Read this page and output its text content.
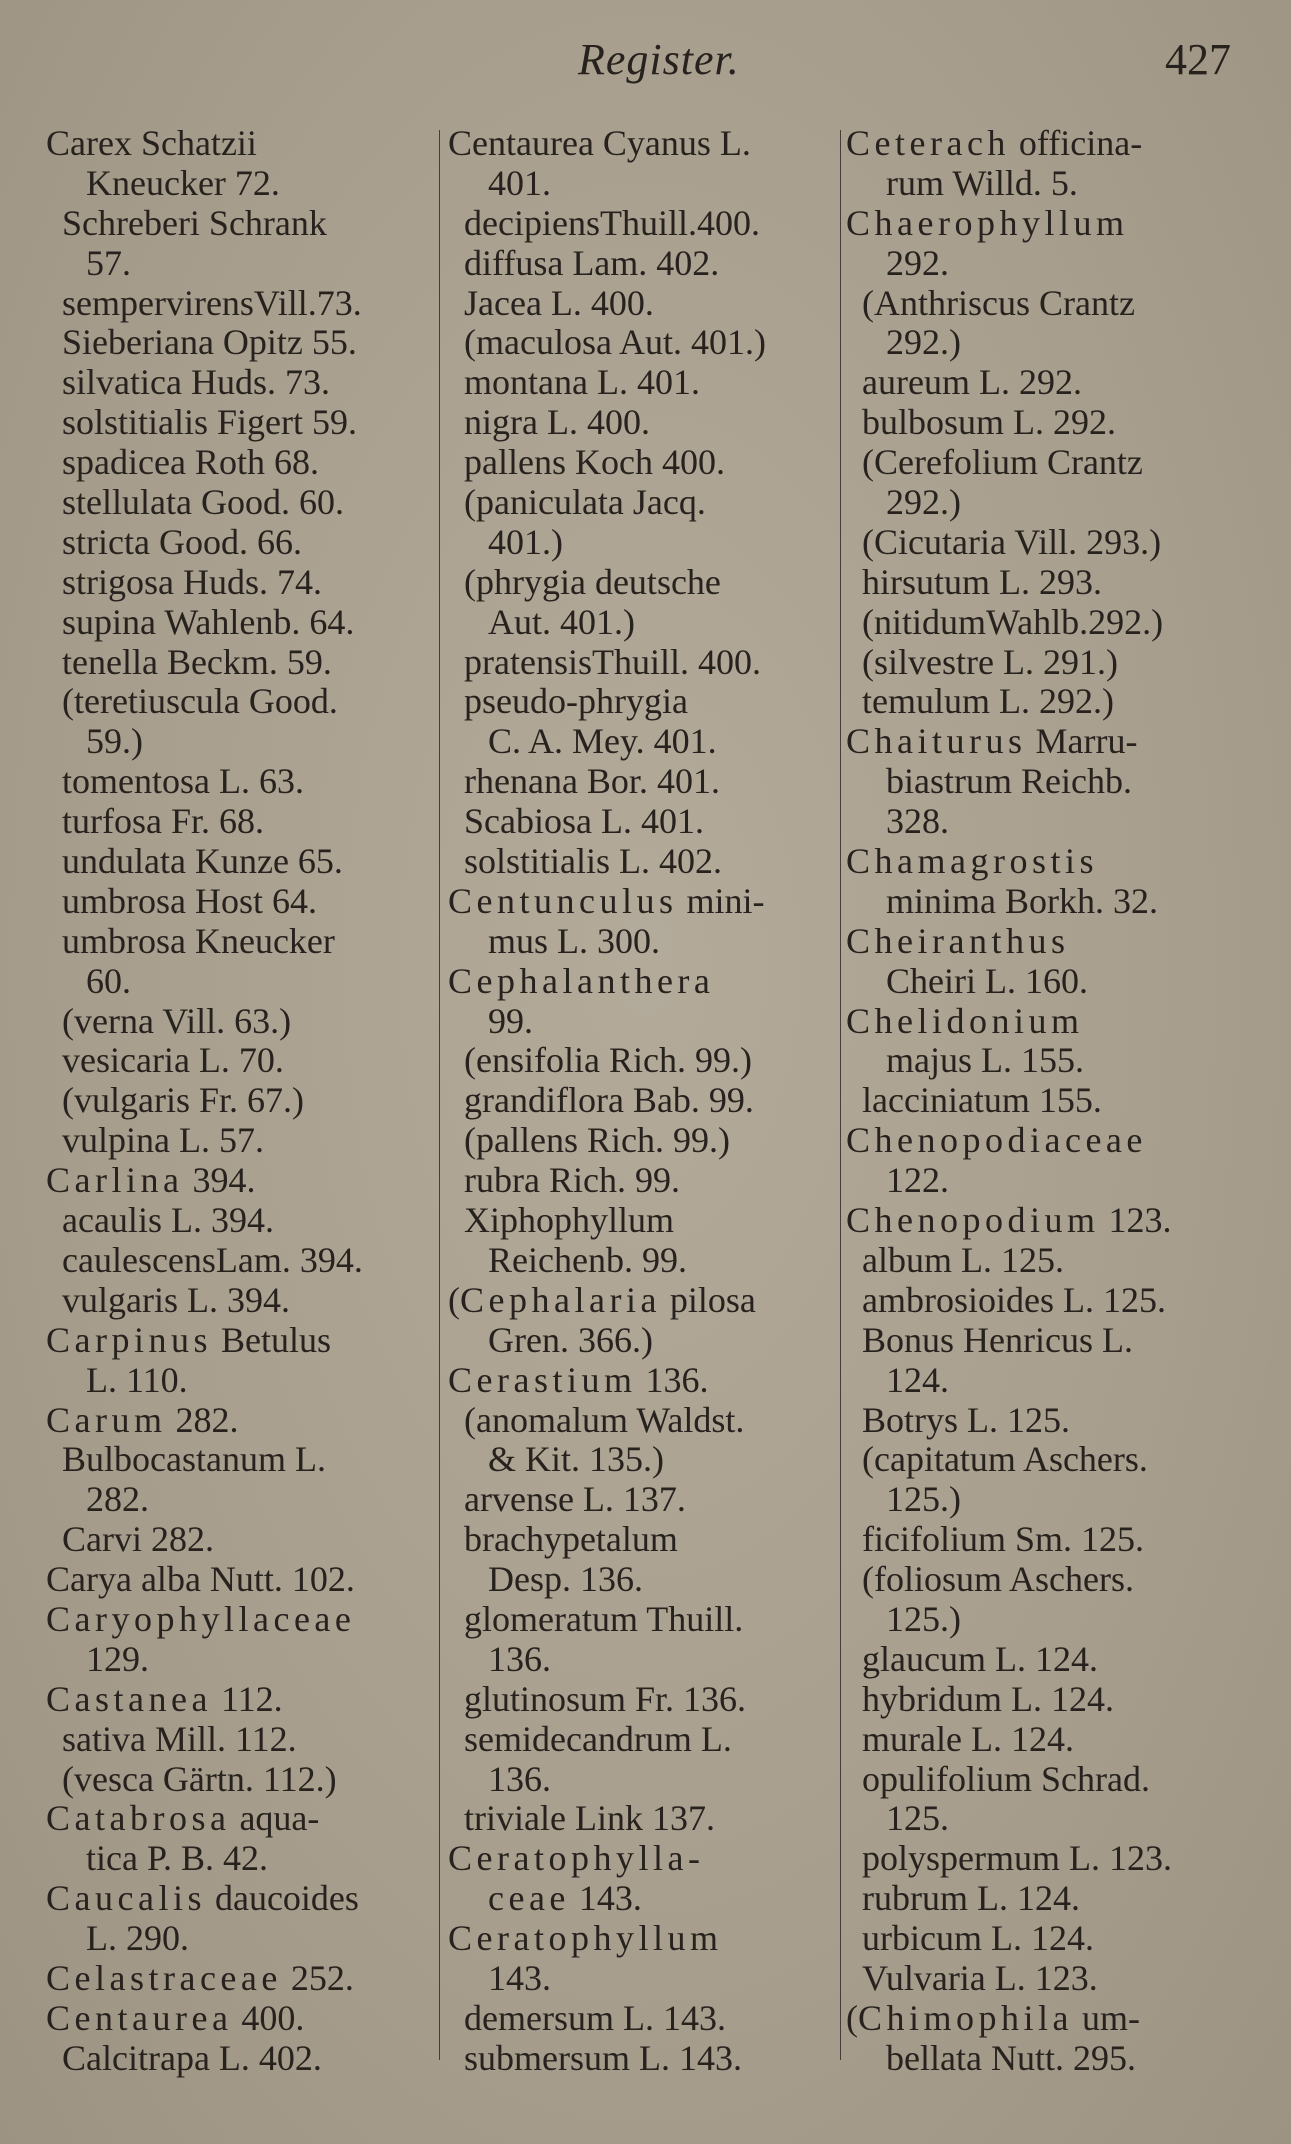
Register.	427
Carex Schatzii
Kneucker 72.
Schreberi Schrank
57.
sempervirensVill.73.
Sieberiana Opitz 55.
silvatica Huds. 73.
solstitialis Figert 59.
spadicea Roth 68.
stellulata Good. 60.
stricta Good. 66.
strigosa Huds. 74.
supina Wahlenb. 64.
tenella Beckm. 59.
(teretiuscula Good.
59.)
tomentosa L. 63.
turfosa Fr. 68.
undulata Kunze 65.
umbrosa Host 64.
umbrosa Kneucker
60.
(verna Vill. 63.)
vesicaria L. 70.
(vulgaris Fr. 67.)
vulpina L. 57.
Carlina 394.
acaulis L. 394.
caulescensLam. 394.
vulgaris L. 394.
Carpinus Betulus
L. 110.
Carum 282.
Bulbocastanum L.
282.
Carvi 282.
Carya alba Nutt. 102.
Caryophyllaceae
129.
Castanea 112.
sativa Mill. 112.
(vesca Gärtn. 112.)
Catabrosa aqua-
tica P. B. 42.
Caucalis daucoides
L. 290.
Celastraceae 252.
Centaurea 400.
Calcitrapa L. 402.
Centaurea Cyanus L.
401.
decipiensThuill.400.
diffusa Lam. 402.
Jacea L. 400.
(maculosa Aut. 401.)
montana L. 401.
nigra L. 400.
pallens Koch 400.
(paniculata Jacq.
401.)
(phrygia deutsche
Aut. 401.)
pratensisThuill. 400.
pseudo-phrygia
C. A. Mey. 401.
rhenana Bor. 401.
Scabiosa L. 401.
solstitialis L. 402.
Centunculus mini-
mus L. 300.
Cephalanthera
99.
(ensifolia Rich. 99.)
grandiflora Bab. 99.
(pallens Rich. 99.)
rubra Rich. 99.
Xiphophyllum
Reichenb. 99.
(Cephalaria pilosa
Gren. 366.)
Cerastium 136.
(anomalum Waldst.
& Kit. 135.)
arvense L. 137.
brachypetalum
Desp. 136.
glomeratum Thuill.
136.
glutinosum Fr. 136.
semidecandrum L.
136.
triviale Link 137.
Ceratophylla-
ceae 143.
Ceratophyllum
143.
demersum L. 143.
submersum L. 143.
Ceterach officina-
rum Willd. 5.
Chaerophyllum
292.
(Anthriscus Crantz
292.)
aureum L. 292.
bulbosum L. 292.
(Cerefolium Crantz
292.)
(Cicutaria Vill. 293.)
hirsutum L. 293.
(nitidumWahlb.292.)
(silvestre L. 291.)
temulum L. 292.)
Chaiturus Marru-
biastrum Reichb.
328.
Chamagrostis
minima Borkh. 32.
Cheiranthus
Cheiri L. 160.
Chelidonium
majus L. 155.
lacciniatum 155.
Chenopodiaceae
122.
Chenopodium 123.
album L. 125.
ambrosioides L. 125.
Bonus Henricus L.
124.
Botrys L. 125.
(capitatum Aschers.
125.)
ficifolium Sm. 125.
(foliosum Aschers.
125.)
glaucum L. 124.
hybridum L. 124.
murale L. 124.
opulifolium Schrad.
125.
polyspermum L. 123.
rubrum L. 124.
urbicum L. 124.
Vulvaria L. 123.
(Chimophila um-
bellata Nutt. 295.
